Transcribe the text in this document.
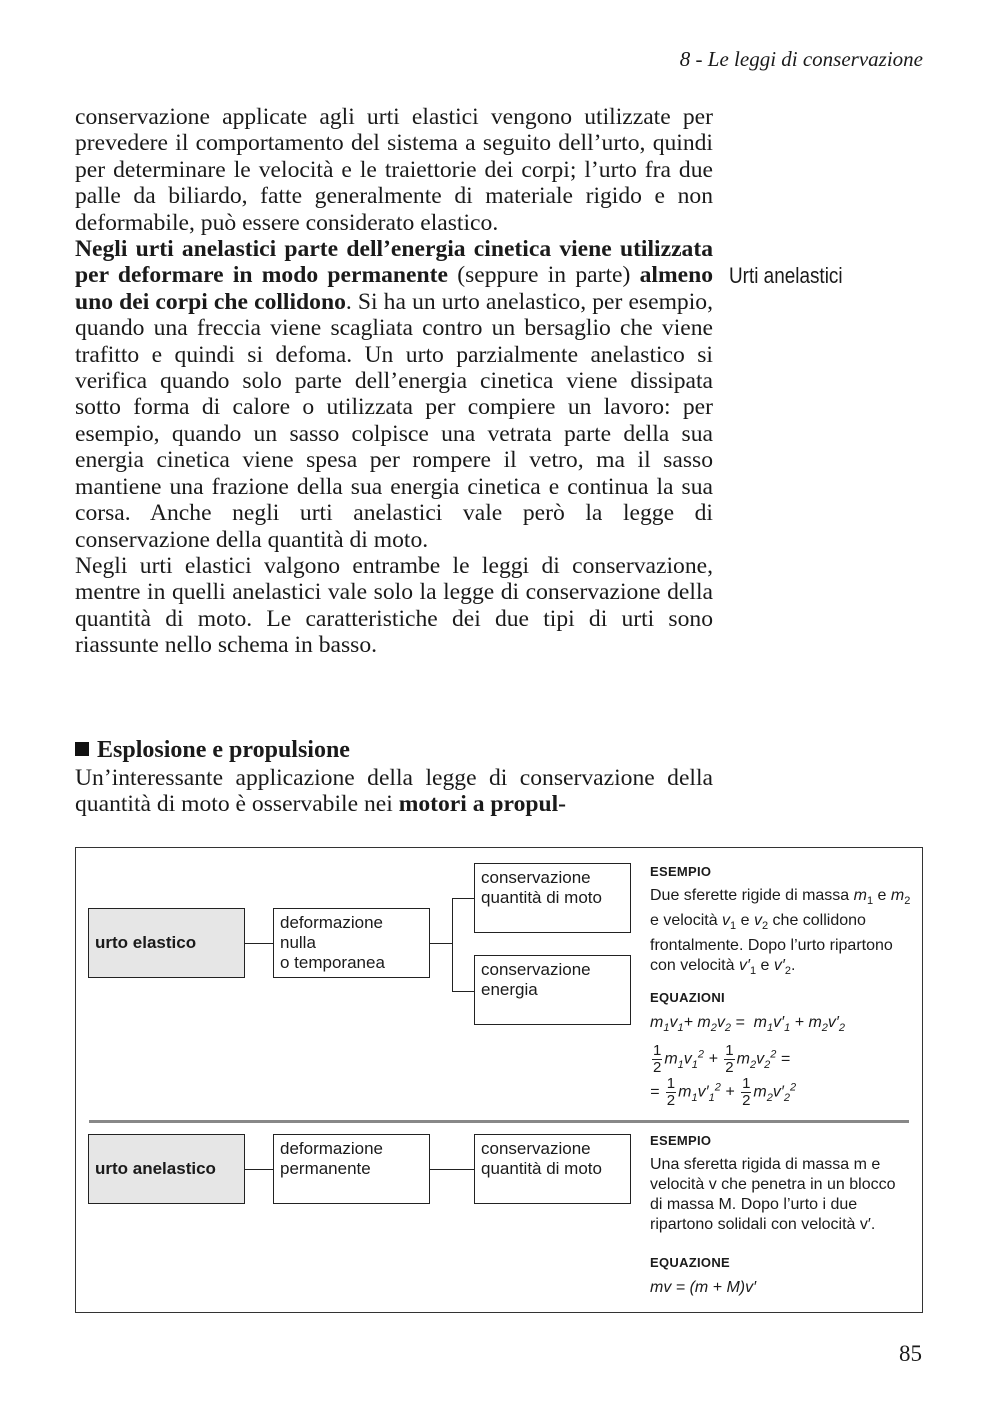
8 - Le leggi di conservazione

conservazione applicate agli urti elastici vengono utilizzate per prevedere il comportamento del sistema a seguito dell’urto, quindi per determinare le velocità e le traiettorie dei corpi; l’urto fra due palle da biliardo, fatte generalmente di materiale rigido e non deformabile, può essere considerato elastico.

Negli urti anelastici parte dell’energia cinetica viene utilizzata per deformare in modo permanente (seppure in parte) almeno uno dei corpi che collidono. Si ha un urto anelastico, per esempio, quando una freccia viene scagliata contro un bersaglio che viene trafitto e quindi si defoma. Un urto parzialmente anelastico si verifica quando solo parte dell’energia cinetica viene dissipata sotto forma di calore o utilizzata per compiere un lavoro: per esempio, quando un sasso colpisce una vetrata parte della sua energia cinetica viene spesa per rompere il vetro, ma il sasso mantiene una frazione della sua energia cinetica e continua la sua corsa. Anche negli urti anelastici vale però la legge di conservazione della quantità di moto.

Negli urti elastici valgono entrambe le leggi di conservazione, mentre in quelli anelastici vale solo la legge di conservazione della quantità di moto. Le caratteristiche dei due tipi di urti sono riassunte nello schema in basso.

Urti anelastici
Esplosione e propulsione

Un’interessante applicazione della legge di conservazione della quantità di moto è osservabile nei motori a propul-

urto elastico
deformazione
nulla
o temporanea
conservazione
quantità di moto
conservazione
energia
ESEMPIO
Due sferette rigide di massa $m_1$ e $m_2$ e velocità $v_1$ e $v_2$ che collidono frontalmente. Dopo l’urto ripartono con velocità $v'_1$ e $v'_2$.
EQUAZIONI
$m_1v_1+ m_2v_2 = m_1v'_1 + m_2v'_2$
$\frac{1}{2} m_1v_1^2 + \frac{1}{2} m_2v_2^2$ =
= $\frac{1}{2} m_1v'_1^2 + \frac{1}{2} m_2v'_2^2$
urto anelastico
deformazione
permanente
conservazione
quantità di moto
ESEMPIO
Una sferetta rigida di massa m e velocità v che penetra in un blocco di massa M. Dopo l’urto i due ripartono solidali con velocità v′.
EQUAZIONE
mv = (m + M)v′
85
